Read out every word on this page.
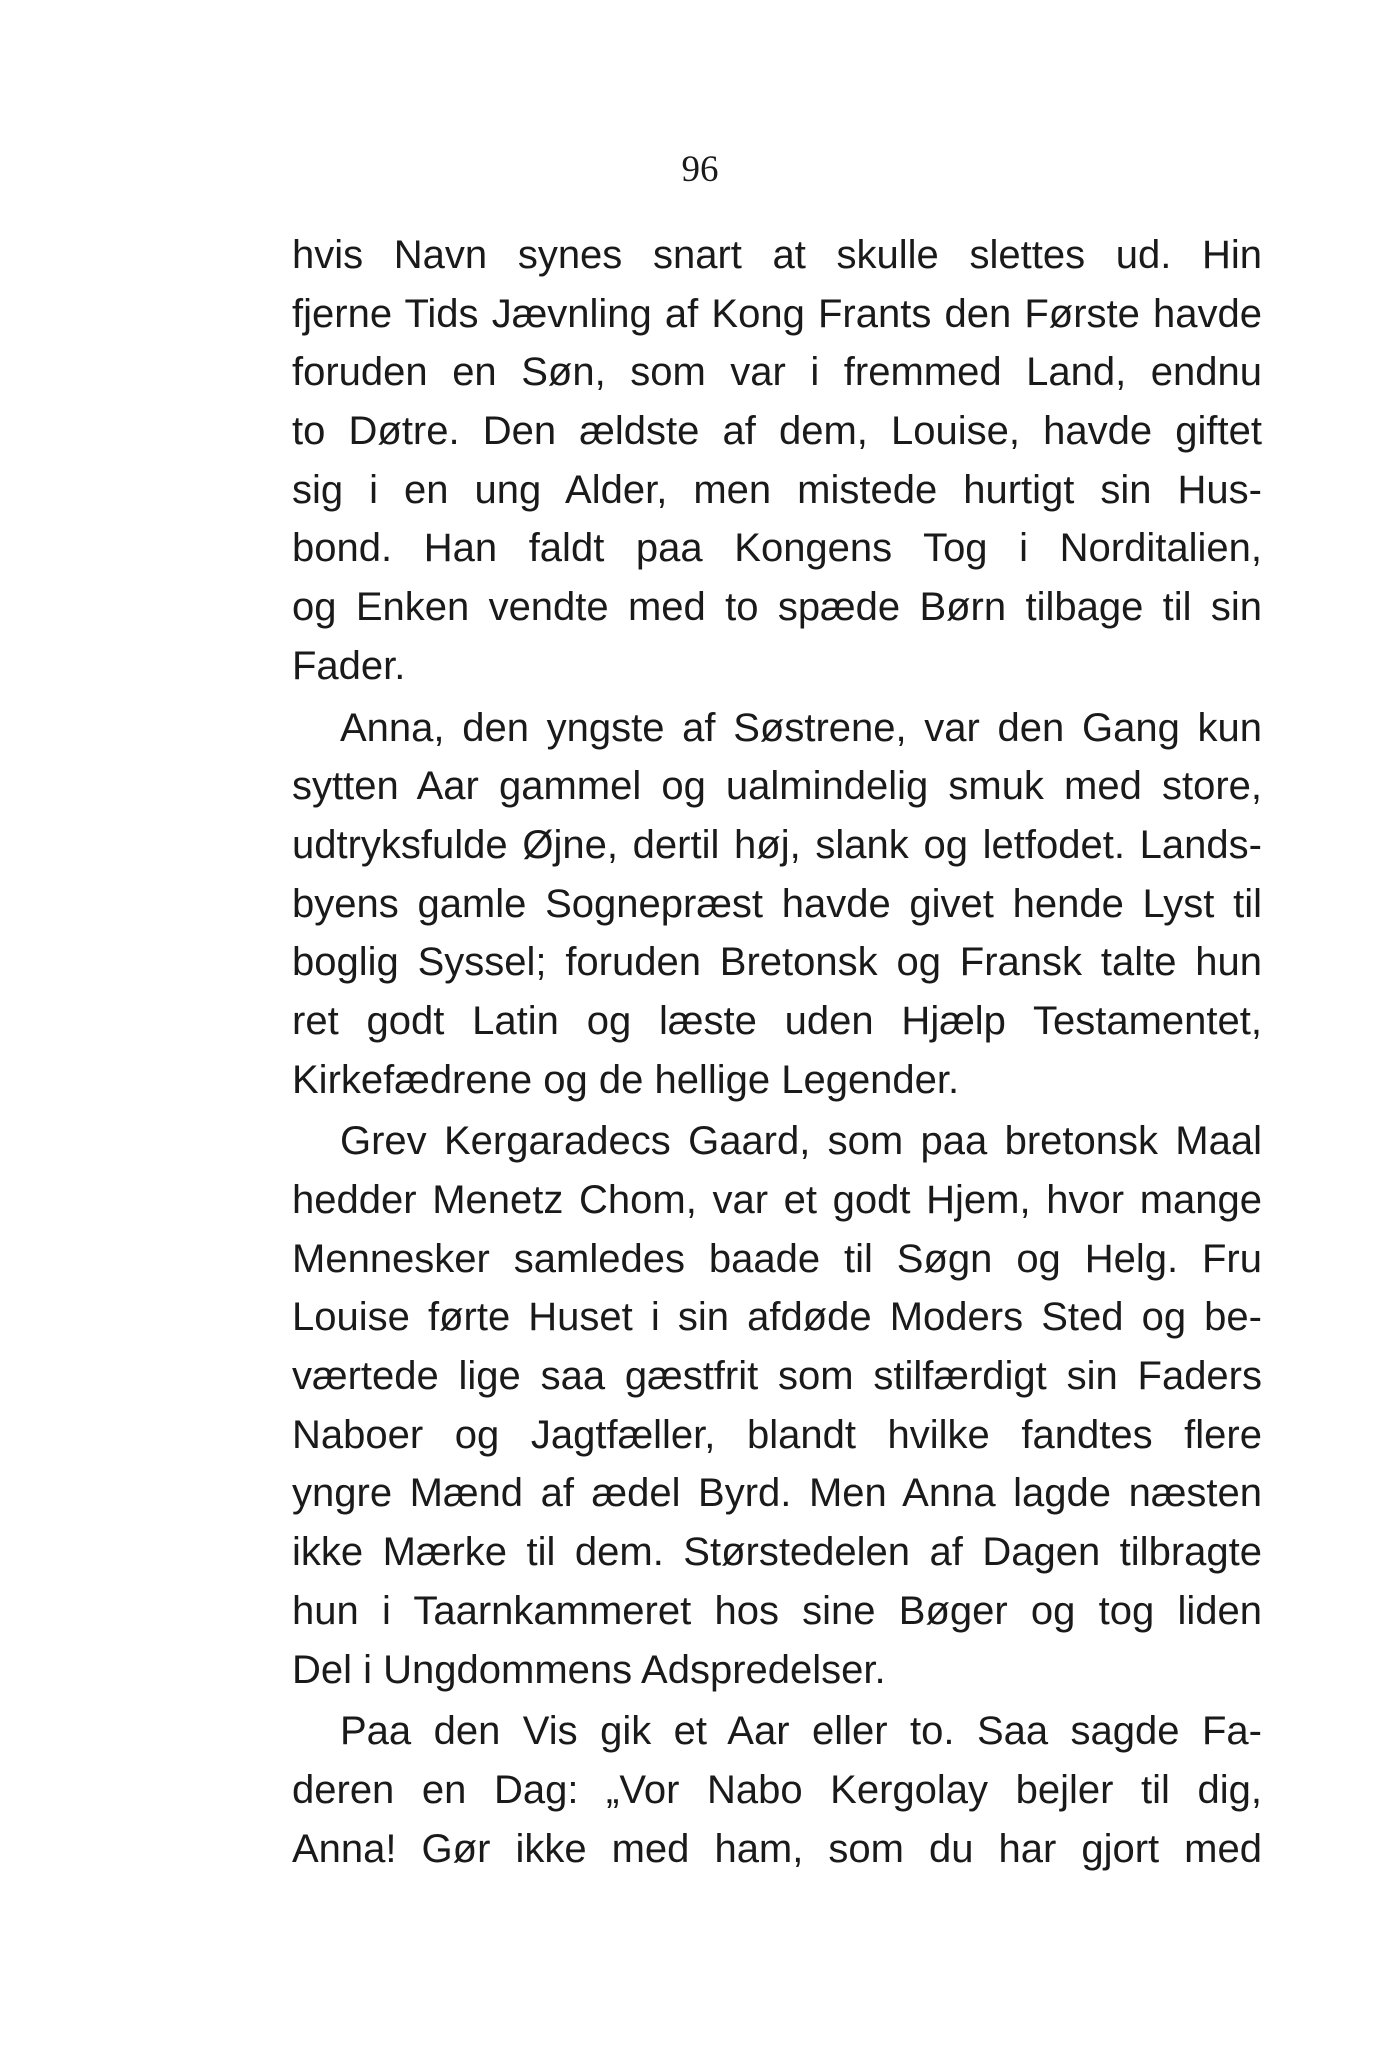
96
hvis Navn synes snart at skulle slettes ud. Hin
fjerne Tids Jævnling af Kong Frants den Første havde
foruden en Søn, som var i fremmed Land, endnu
to Døtre. Den ældste af dem, Louise, havde giftet
sig i en ung Alder, men mistede hurtigt sin Hus-
bond. Han faldt paa Kongens Tog i Norditalien,
og Enken vendte med to spæde Børn tilbage til sin
Fader.
Anna, den yngste af Søstrene, var den Gang kun
sytten Aar gammel og ualmindelig smuk med store,
udtryksfulde Øjne, dertil høj, slank og letfodet. Lands-
byens gamle Sognepræst havde givet hende Lyst til
boglig Syssel; foruden Bretonsk og Fransk talte hun
ret godt Latin og læste uden Hjælp Testamentet,
Kirkefædrene og de hellige Legender.
Grev Kergaradecs Gaard, som paa bretonsk Maal
hedder Menetz Chom, var et godt Hjem, hvor mange
Mennesker samledes baade til Søgn og Helg. Fru
Louise førte Huset i sin afdøde Moders Sted og be-
værtede lige saa gæstfrit som stilfærdigt sin Faders
Naboer og Jagtfæller, blandt hvilke fandtes flere
yngre Mænd af ædel Byrd. Men Anna lagde næsten
ikke Mærke til dem. Størstedelen af Dagen tilbragte
hun i Taarnkammeret hos sine Bøger og tog liden
Del i Ungdommens Adspredelser.
Paa den Vis gik et Aar eller to. Saa sagde Fa-
deren en Dag: „Vor Nabo Kergolay bejler til dig,
Anna! Gør ikke med ham, som du har gjort med
